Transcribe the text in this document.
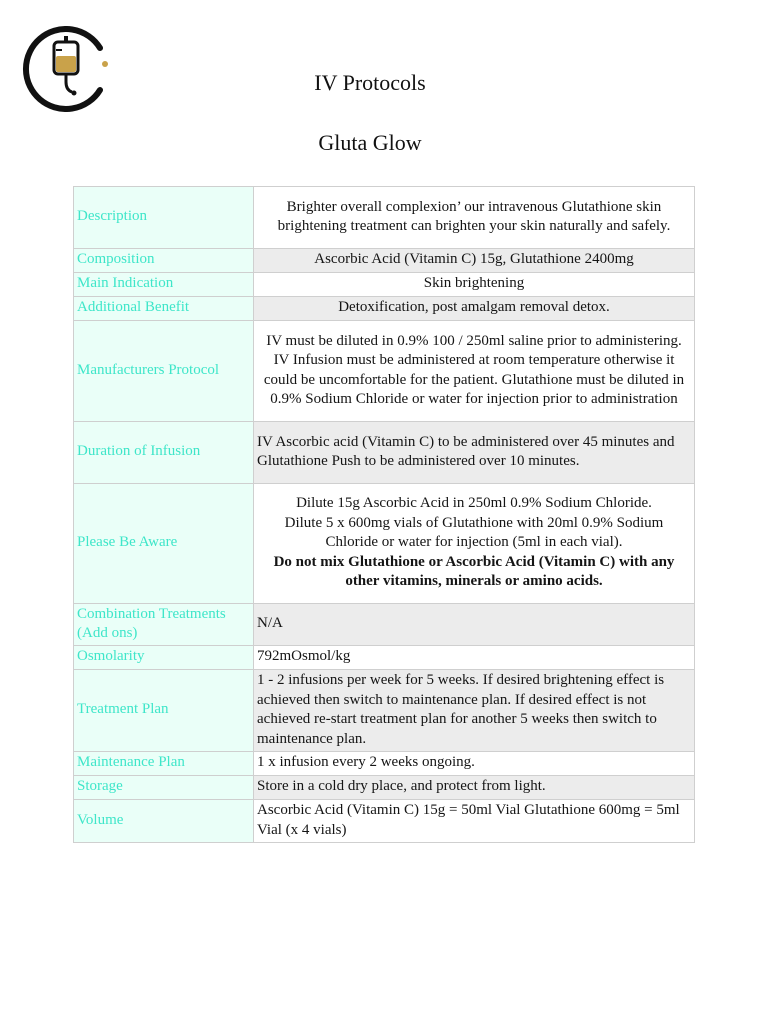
IV Protocols
Gluta Glow
Description	Brighter overall complexion’ our intravenous Glutathione skin brightening treatment can brighten your skin naturally and safely.
Composition	Ascorbic Acid (Vitamin C) 15g, Glutathione 2400mg
Main Indication	Skin brightening
Additional Benefit	Detoxification, post amalgam removal detox.
Manufacturers Protocol	IV must be diluted in 0.9% 100 / 250ml saline prior to administering. IV Infusion must be administered at room temperature otherwise it could be uncomfortable for the patient. Glutathione must be diluted in 0.9% Sodium Chloride or water for injection prior to administration
Duration of Infusion	IV Ascorbic acid (Vitamin C) to be administered over 45 minutes and Glutathione Push to be administered over 10 minutes.
Please Be Aware	Dilute 15g Ascorbic Acid in 250ml 0.9% Sodium Chloride.
Dilute 5 x 600mg vials of Glutathione with 20ml 0.9% Sodium Chloride or water for injection (5ml in each vial).
Do not mix Glutathione or Ascorbic Acid (Vitamin C) with any other vitamins, minerals or amino acids.

Combination Treatments (Add ons)	N/A
Osmolarity	792mOsmol/kg
Treatment Plan	1 - 2 infusions per week for 5 weeks. If desired brightening effect is achieved then switch to maintenance plan. If desired effect is not achieved re-start treatment plan for another 5 weeks then switch to maintenance plan.
Maintenance Plan	1 x infusion every 2 weeks ongoing.
Storage	Store in a cold dry place, and protect from light.
Volume	Ascorbic Acid (Vitamin C) 15g = 50ml Vial Glutathione 600mg = 5ml Vial (x 4 vials)
